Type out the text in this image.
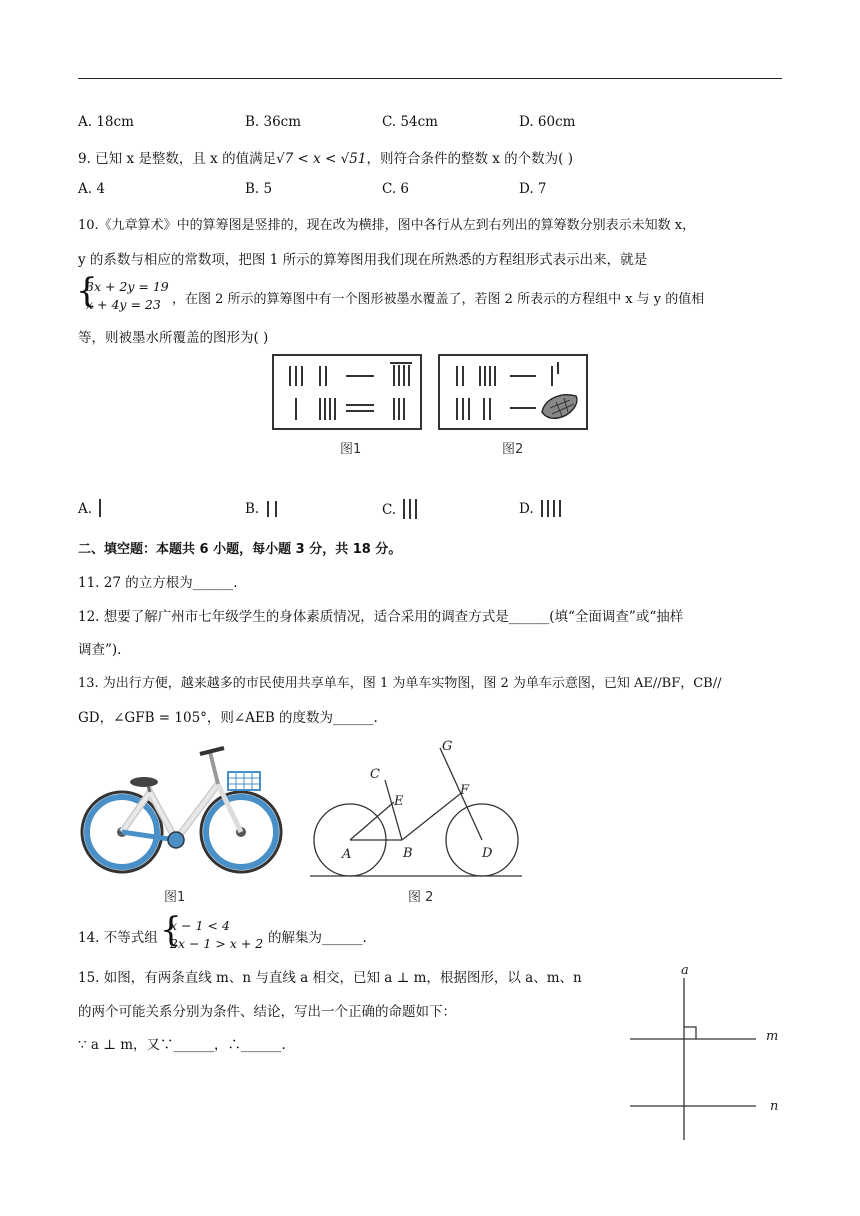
A. 18cm	B. 36cm	C. 54cm	D. 60cm
9. 已知 x 是整数，且 x 的值满足√7 < x < √51，则符合条件的整数 x 的个数为( )
A. 4	B. 5	C. 6	D. 7
10.《九章算术》中的算筹图是竖排的，现在改为横排，图中各行从左到右列出的算筹数分别表示未知数 x，
y 的系数与相应的常数项，把图 1 所示的算筹图用我们现在所熟悉的方程组形式表示出来，就是
{
3x + 2y = 19
x + 4y = 23 ，在图 2 所示的算筹图中有一个图形被墨水覆盖了，若图 2 所表示的方程组中 x 与 y 的值相
等，则被墨水所覆盖的图形为( )
图1	图2
A.	B.	C.	D.
二、填空题：本题共 6 小题，每小题 3 分，共 18 分。
11. 27 的立方根为______.
12. 想要了解广州市七年级学生的身体素质情况，适合采用的调查方式是______(填“全面调查”或“抽样
调查”).
13. 为出行方便，越来越多的市民使用共享单车，图 1 为单车实物图，图 2 为单车示意图，已知 AE//BF，CB//
GD，∠GFB = 105°，则∠AEB 的度数为______.
图1
A	B
C
D
E
F
G
图 2
14. 不等式组 {
x − 1 < 4
2x − 1 > x + 2 的解集为______.
15. 如图，有两条直线 m、n 与直线 a 相交，已知 a ⊥ m，根据图形，以 a、m、n
的两个可能关系分别为条件、结论，写出一个正确的命题如下：
∵ a ⊥ m，又∵______，∴______.
a
m
n
